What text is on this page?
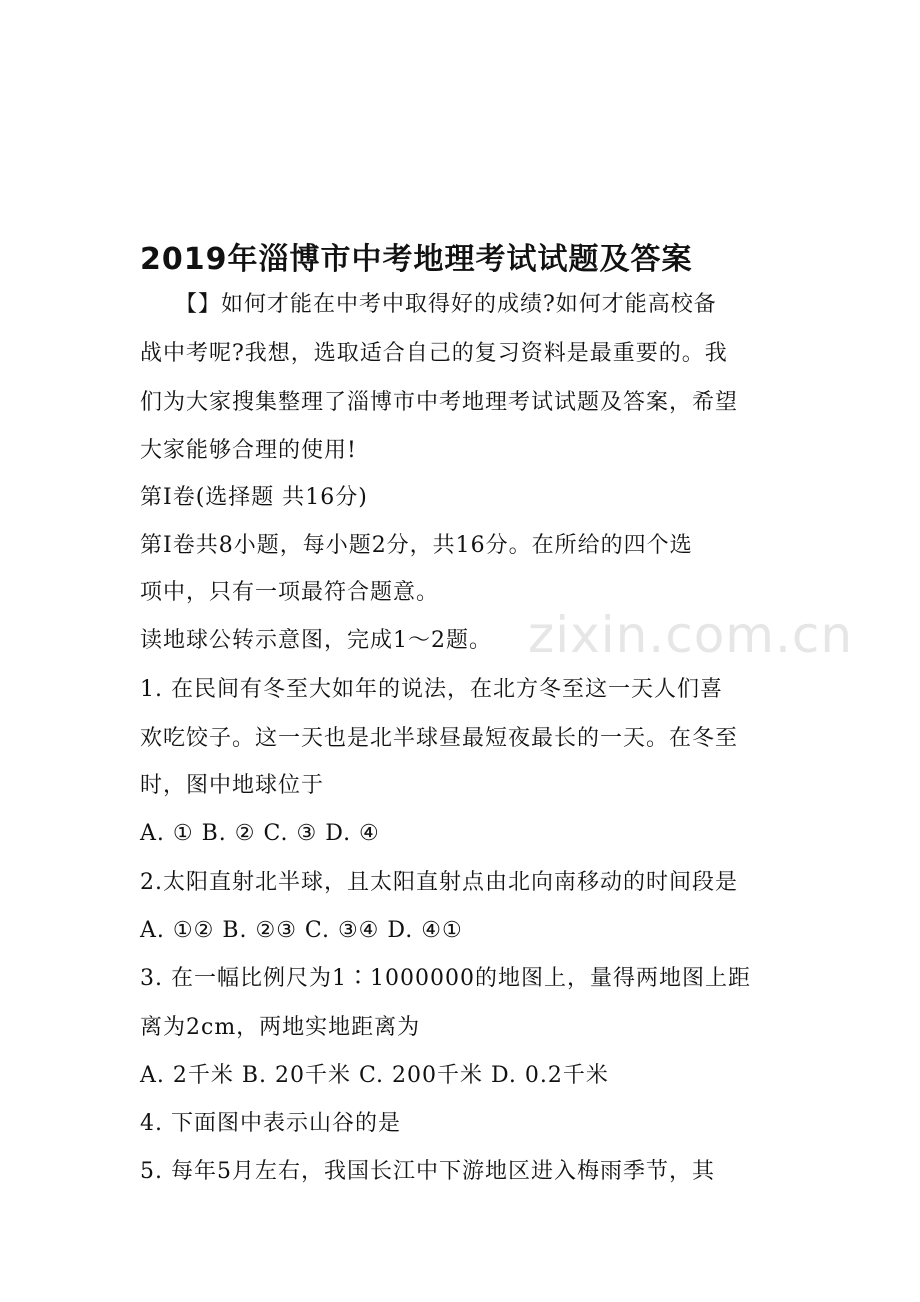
zixin.com.cn
2019年淄博市中考地理考试试题及答案
　　【】如何才能在中考中取得好的成绩?如何才能高校备
战中考呢?我想，选取适合自己的复习资料是最重要的。我
们为大家搜集整理了淄博市中考地理考试试题及答案，希望
大家能够合理的使用!
第Ⅰ卷(选择题 共16分)
第Ⅰ卷共8小题，每小题2分，共16分。在所给的四个选
项中，只有一项最符合题意。
读地球公转示意图，完成1～2题。
1. 在民间有冬至大如年的说法，在北方冬至这一天人们喜
欢吃饺子。这一天也是北半球昼最短夜最长的一天。在冬至
时，图中地球位于
A. ① B. ② C. ③ D. ④
2.太阳直射北半球，且太阳直射点由北向南移动的时间段是
A. ①② B. ②③ C. ③④ D. ④①
3. 在一幅比例尺为1∶1000000的地图上，量得两地图上距
离为2cm，两地实地距离为
A. 2千米 B. 20千米 C. 200千米 D. 0.2千米
4. 下面图中表示山谷的是
5. 每年5月左右，我国长江中下游地区进入梅雨季节，其
